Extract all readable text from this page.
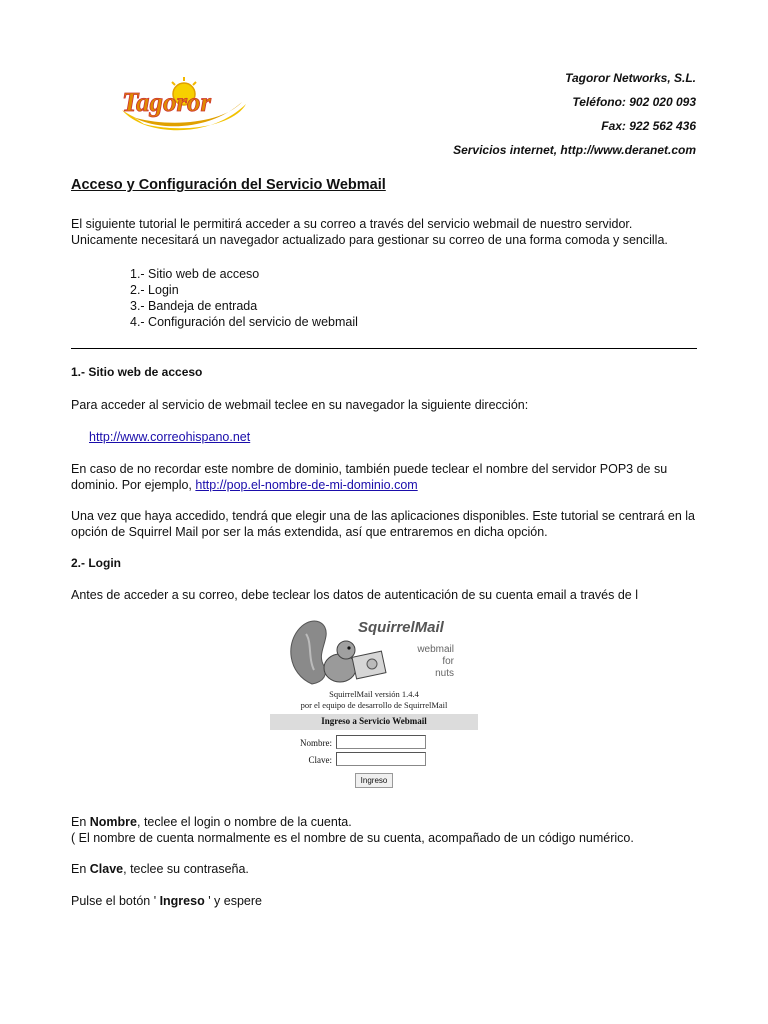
Tagoror
Tagoror Networks, S.L.
Teléfono: 902 020 093
Fax: 922 562 436
Servicios internet, http://www.deranet.com
Acceso y Configuración del Servicio Webmail
El siguiente tutorial le permitirá acceder a su correo a través del servicio webmail de nuestro servidor.
Unicamente necesitará un navegador actualizado para gestionar su correo de una forma comoda y sencilla.
1.- Sitio web de acceso
2.- Login
3.- Bandeja de entrada
4.- Configuración del servicio de webmail
1.- Sitio web de acceso
Para acceder al servicio de webmail teclee en su navegador la siguiente dirección:
http://www.correohispano.net
En caso de no recordar este nombre de dominio, también puede teclear el nombre del servidor POP3 de su
dominio. Por ejemplo, http://pop.el-nombre-de-mi-dominio.com
Una vez que haya accedido, tendrá que elegir una de las aplicaciones disponibles. Este tutorial se centrará en la
opción de Squirrel Mail por ser la más extendida, así que entraremos en dicha opción.
2.- Login
Antes de acceder a su correo, debe teclear los datos de autenticación de su cuenta email a través de l
SquirrelMail
webmail
for
nuts
SquirrelMail versión 1.4.4
por el equipo de desarrollo de SquirrelMail
Ingreso a Servicio Webmail
Nombre:
Clave:
Ingreso
En Nombre, teclee el login o nombre de la cuenta.
( El nombre de cuenta normalmente es el nombre de su cuenta, acompañado de un código numérico.
En Clave, teclee su contraseña.
Pulse el botón ' Ingreso ' y espere
